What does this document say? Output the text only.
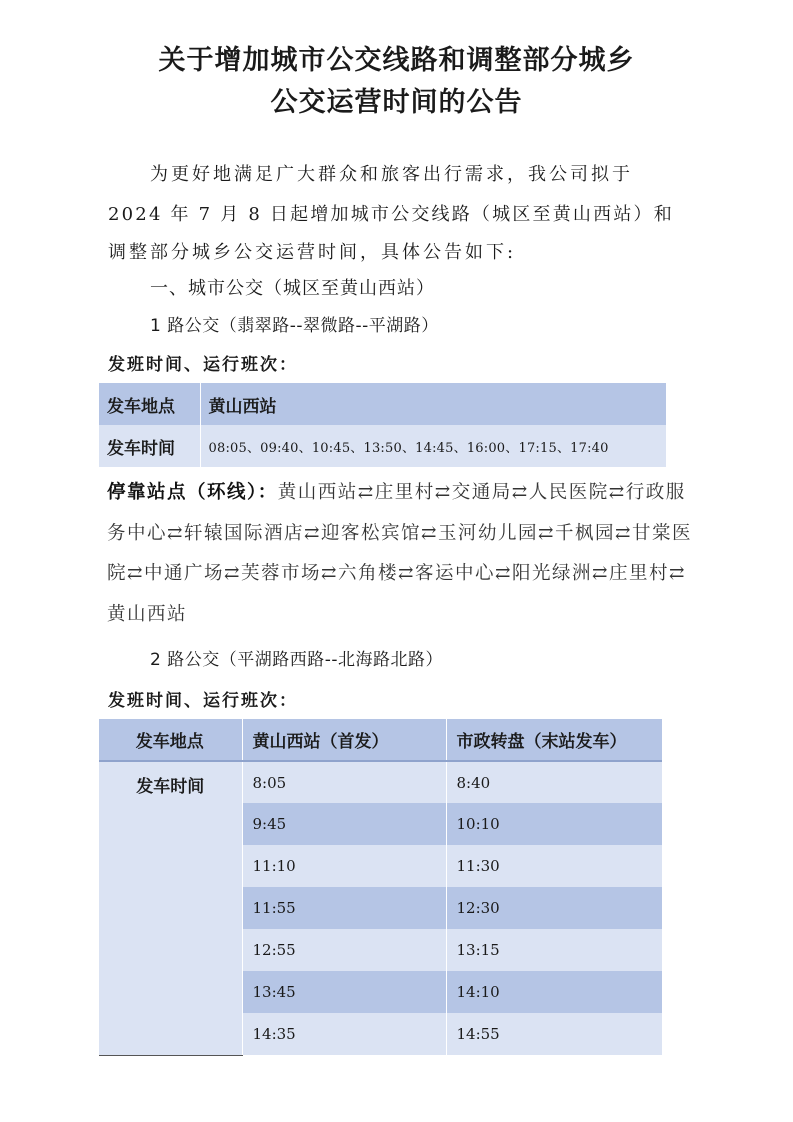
关于增加城市公交线路和调整部分城乡
公交运营时间的公告
为更好地满足广大群众和旅客出行需求，我公司拟于
2024 年 7 月 8 日起增加城市公交线路（城区至黄山西站）和
调整部分城乡公交运营时间，具体公告如下:
一、城市公交（城区至黄山西站）
1 路公交（翡翠路--翠微路--平湖路）
发班时间、运行班次：
发车地点	黄山西站
发车时间	08:05、09:40、10:45、13:50、14:45、16:00、17:15、17:40
停靠站点（环线）：黄山西站⇄庄里村⇄交通局⇄人民医院⇄行政服务中心⇄轩辕国际酒店⇄迎客松宾馆⇄玉河幼儿园⇄千枫园⇄甘棠医院⇄中通广场⇄芙蓉市场⇄六角楼⇄客运中心⇄阳光绿洲⇄庄里村⇄黄山西站
2 路公交（平湖路西路--北海路北路）
发班时间、运行班次：
发车地点	黄山西站（首发）	市政转盘（末站发车）
发车时间	8:05	8:40
	9:45	10:10
	11:10	11:30
	11:55	12:30
	12:55	13:15
	13:45	14:10
	14:35	14:55
